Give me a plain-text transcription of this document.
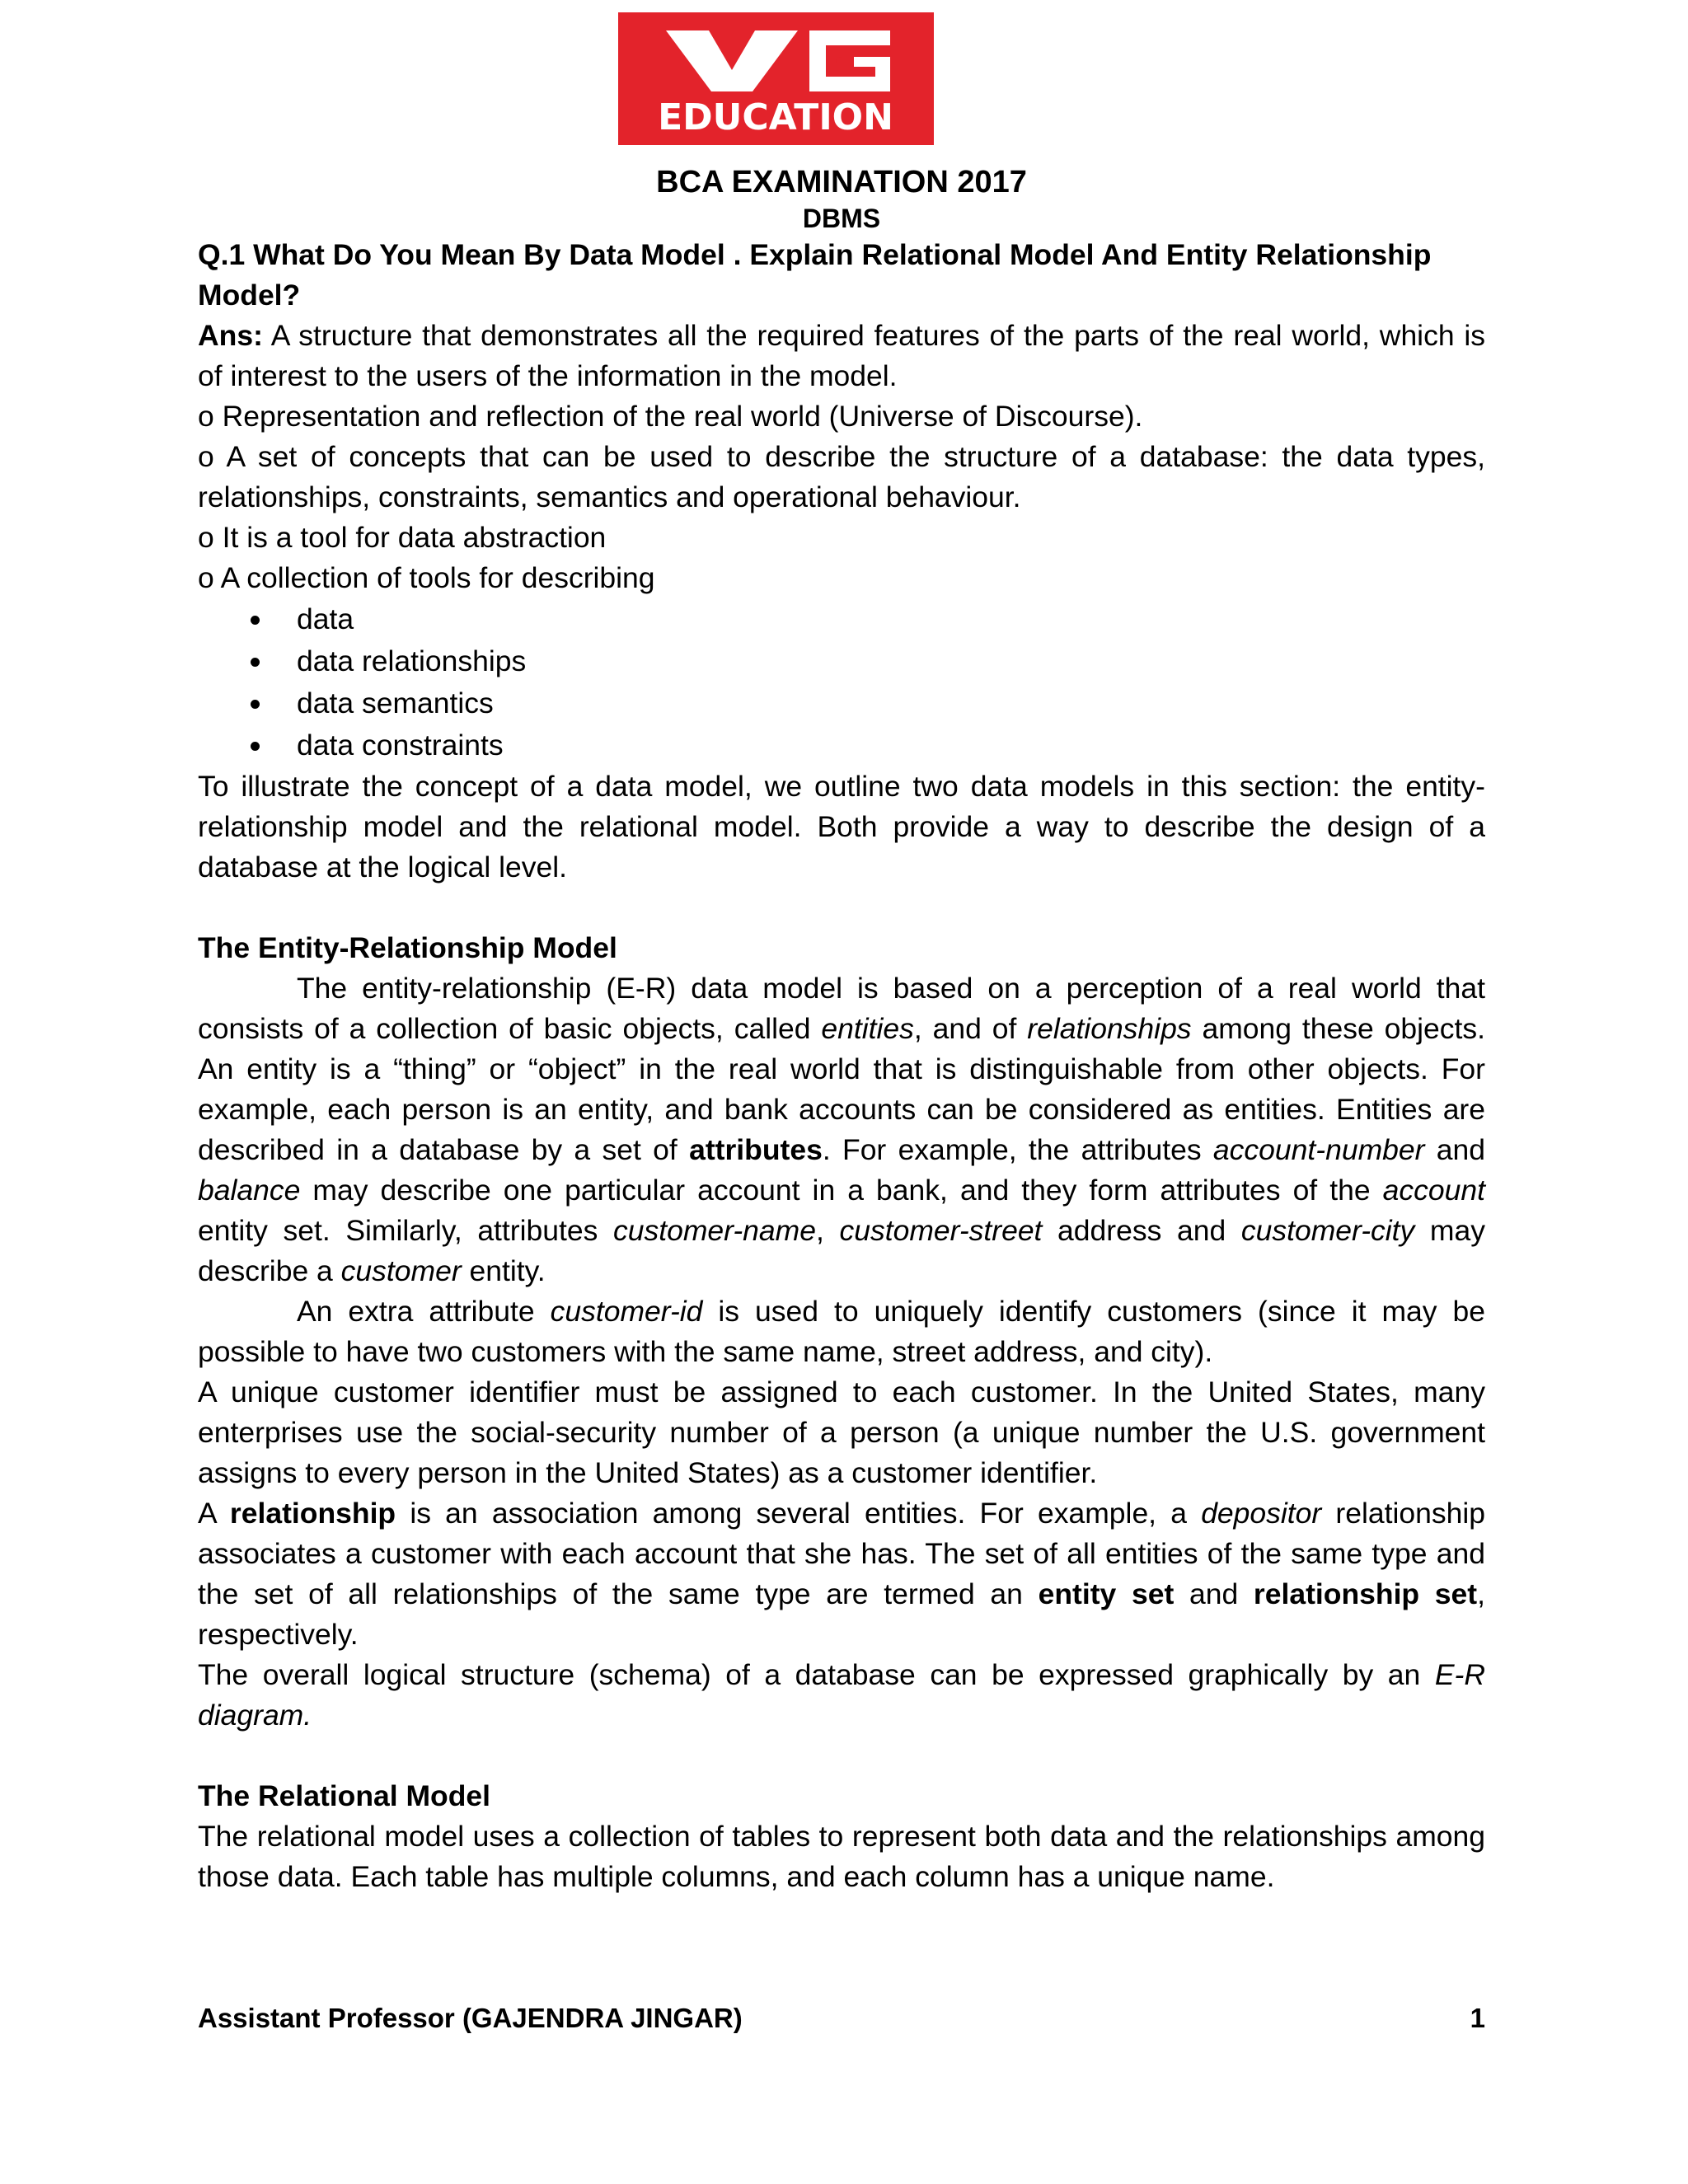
EDUCATION
BCA EXAMINATION 2017
DBMS

Q.1 What Do You Mean By Data Model . Explain Relational Model And Entity Relationship Model?

Ans: A structure that demonstrates all the required features of the parts of the real world, which is of interest to the users of the information in the model.

o Representation and reflection of the real world (Universe of Discourse).

o A set of concepts that can be used to describe the structure of a database: the data types, relationships, constraints, semantics and operational behaviour.

o It is a tool for data abstraction

o A collection of tools for describing

data
data relationships
data semantics
data constraints

To illustrate the concept of a data model, we outline two data models in this section: the entity-relationship model and the relational model. Both provide a way to describe the design of a database at the logical level.

The Entity-Relationship Model

The entity-relationship (E-R) data model is based on a perception of a real world that consists of a collection of basic objects, called entities, and of relationships among these objects. An entity is a “thing” or “object” in the real world that is distinguishable from other objects. For example, each person is an entity, and bank accounts can be considered as entities. Entities are described in a database by a set of attributes. For example, the attributes account-number and balance may describe one particular account in a bank, and they form attributes of the account entity set. Similarly, attributes customer-name, customer-street address and customer-city may describe a customer entity.

An extra attribute customer-id is used to uniquely identify customers (since it may be possible to have two customers with the same name, street address, and city).

A unique customer identifier must be assigned to each customer. In the United States, many enterprises use the social-security number of a person (a unique number the U.S. government assigns to every person in the United States) as a customer identifier.

A relationship is an association among several entities. For example, a depositor relationship associates a customer with each account that she has. The set of all entities of the same type and the set of all relationships of the same type are termed an entity set and relationship set, respectively.

The overall logical structure (schema) of a database can be expressed graphically by an E-R diagram.

The Relational Model

The relational model uses a collection of tables to represent both data and the relationships among those data. Each table has multiple columns, and each column has a unique name.

Assistant Professor (GAJENDRA JINGAR)	1
